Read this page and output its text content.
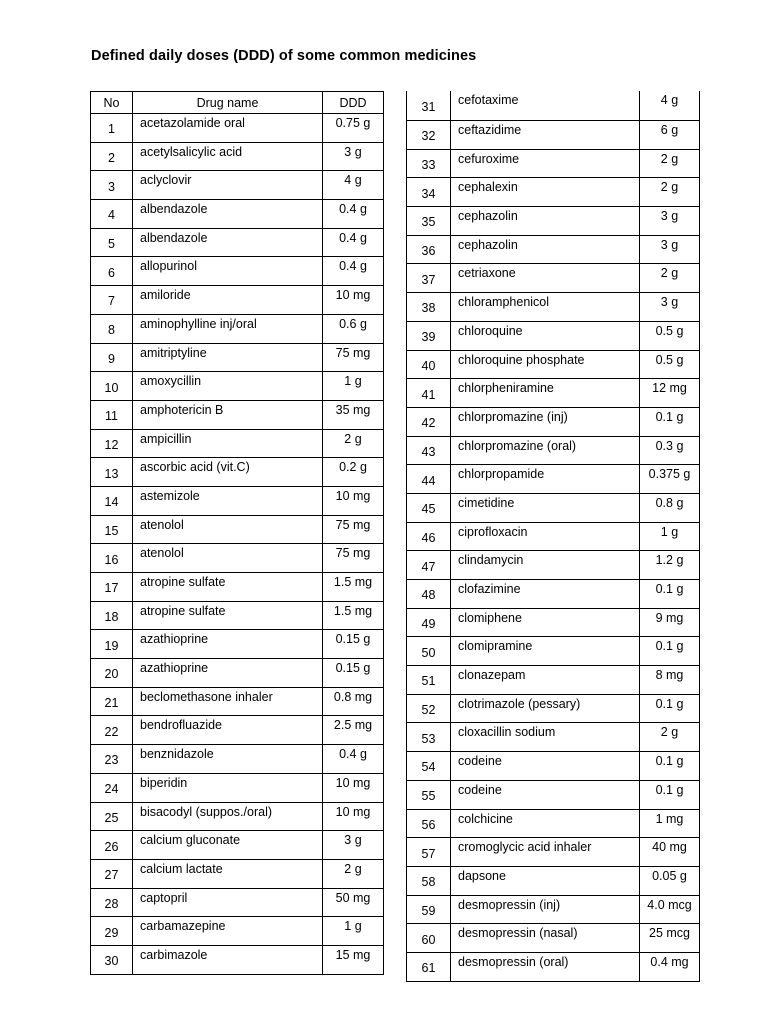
Defined daily doses (DDD) of some common medicines
No	Drug name	DDD
1	acetazolamide oral	0.75 g
2	acetylsalicylic acid	3 g
3	aclyclovir	4 g
4	albendazole	0.4 g
5	albendazole	0.4 g
6	allopurinol	0.4 g
7	amiloride	10 mg
8	aminophylline inj/oral	0.6 g
9	amitriptyline	75 mg
10	amoxycillin	1 g
11	amphotericin B	35 mg
12	ampicillin	2 g
13	ascorbic acid (vit.C)	0.2 g
14	astemizole	10 mg
15	atenolol	75 mg
16	atenolol	75 mg
17	atropine sulfate	1.5 mg
18	atropine sulfate	1.5 mg
19	azathioprine	0.15 g
20	azathioprine	0.15 g
21	beclomethasone inhaler	0.8 mg
22	bendrofluazide	2.5 mg
23	benznidazole	0.4 g
24	biperidin	10 mg
25	bisacodyl (suppos./oral)	10 mg
26	calcium gluconate	3 g
27	calcium lactate	2 g
28	captopril	50 mg
29	carbamazepine	1 g
30	carbimazole	15 mg
31	cefotaxime	4 g
32	ceftazidime	6 g
33	cefuroxime	2 g
34	cephalexin	2 g
35	cephazolin	3 g
36	cephazolin	3 g
37	cetriaxone	2 g
38	chloramphenicol	3 g
39	chloroquine	0.5 g
40	chloroquine phosphate	0.5 g
41	chlorpheniramine	12 mg
42	chlorpromazine (inj)	0.1 g
43	chlorpromazine (oral)	0.3 g
44	chlorpropamide	0.375 g
45	cimetidine	0.8 g
46	ciprofloxacin	1 g
47	clindamycin	1.2 g
48	clofazimine	0.1 g
49	clomiphene	9 mg
50	clomipramine	0.1 g
51	clonazepam	8 mg
52	clotrimazole (pessary)	0.1 g
53	cloxacillin sodium	2 g
54	codeine	0.1 g
55	codeine	0.1 g
56	colchicine	1 mg
57	cromoglycic acid inhaler	40 mg
58	dapsone	0.05 g
59	desmopressin (inj)	4.0 mcg
60	desmopressin (nasal)	25 mcg
61	desmopressin (oral)	0.4 mg
